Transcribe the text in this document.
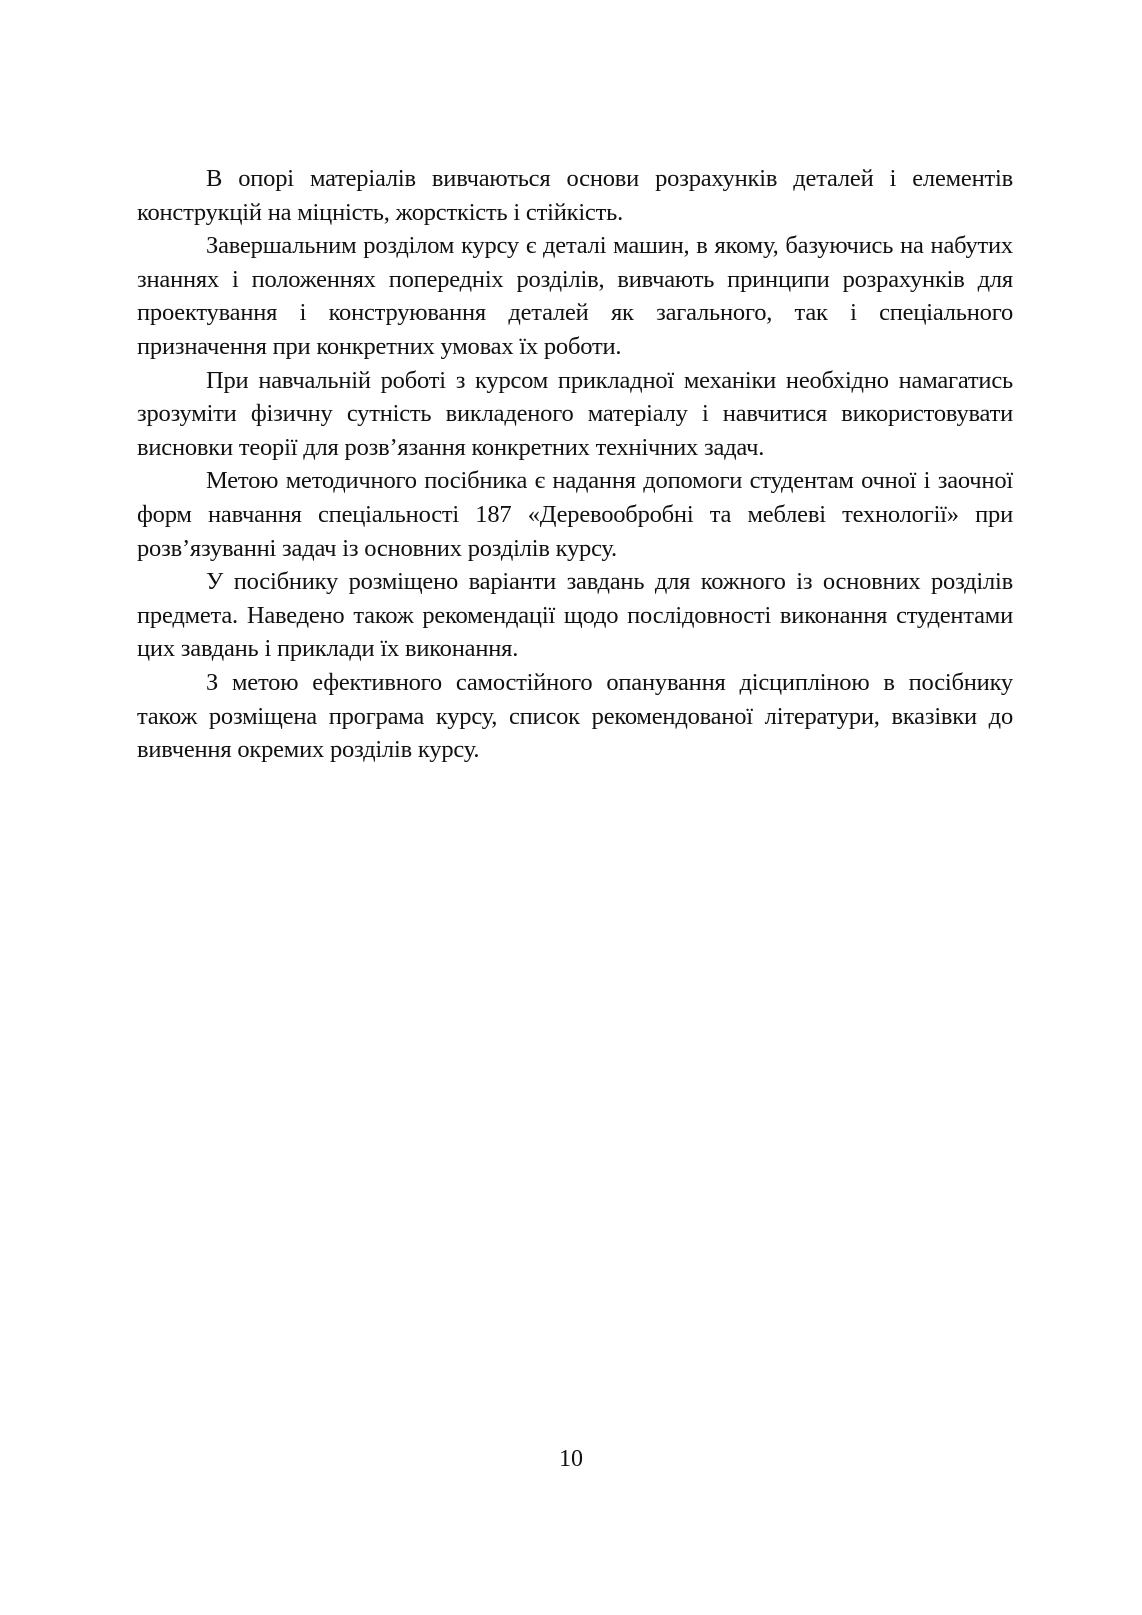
В опорі матеріалів вивчаються основи розрахунків деталей і елементів конструкцій на міцність, жорсткість і стійкість.

Завершальним розділом курсу є деталі машин, в якому, базуючись на набутих знаннях і положеннях попередніх розділів, вивчають принципи розрахунків для проектування і конструювання деталей як загального, так і спеціального призначення при конкретних умовах їх роботи.

При навчальній роботі з курсом прикладної механіки необхідно намагатись зрозуміти фізичну сутність викладеного матеріалу і навчитися використовувати висновки теорії для розв’язання конкретних технічних задач.

Метою методичного посібника є надання допомоги студентам очної і заочної форм навчання спеціальності 187 «Деревообробні та меблеві технології» при розв’язуванні задач із основних розділів курсу.

У посібнику розміщено варіанти завдань для кожного із основних розділів предмета. Наведено також рекомендації щодо послідовності виконання студентами цих завдань і приклади їх виконання.

З метою ефективного самостійного опанування дісципліною в посібнику також розміщена програма курсу, список рекомендованої літератури, вказівки до вивчення окремих розділів курсу.

10
